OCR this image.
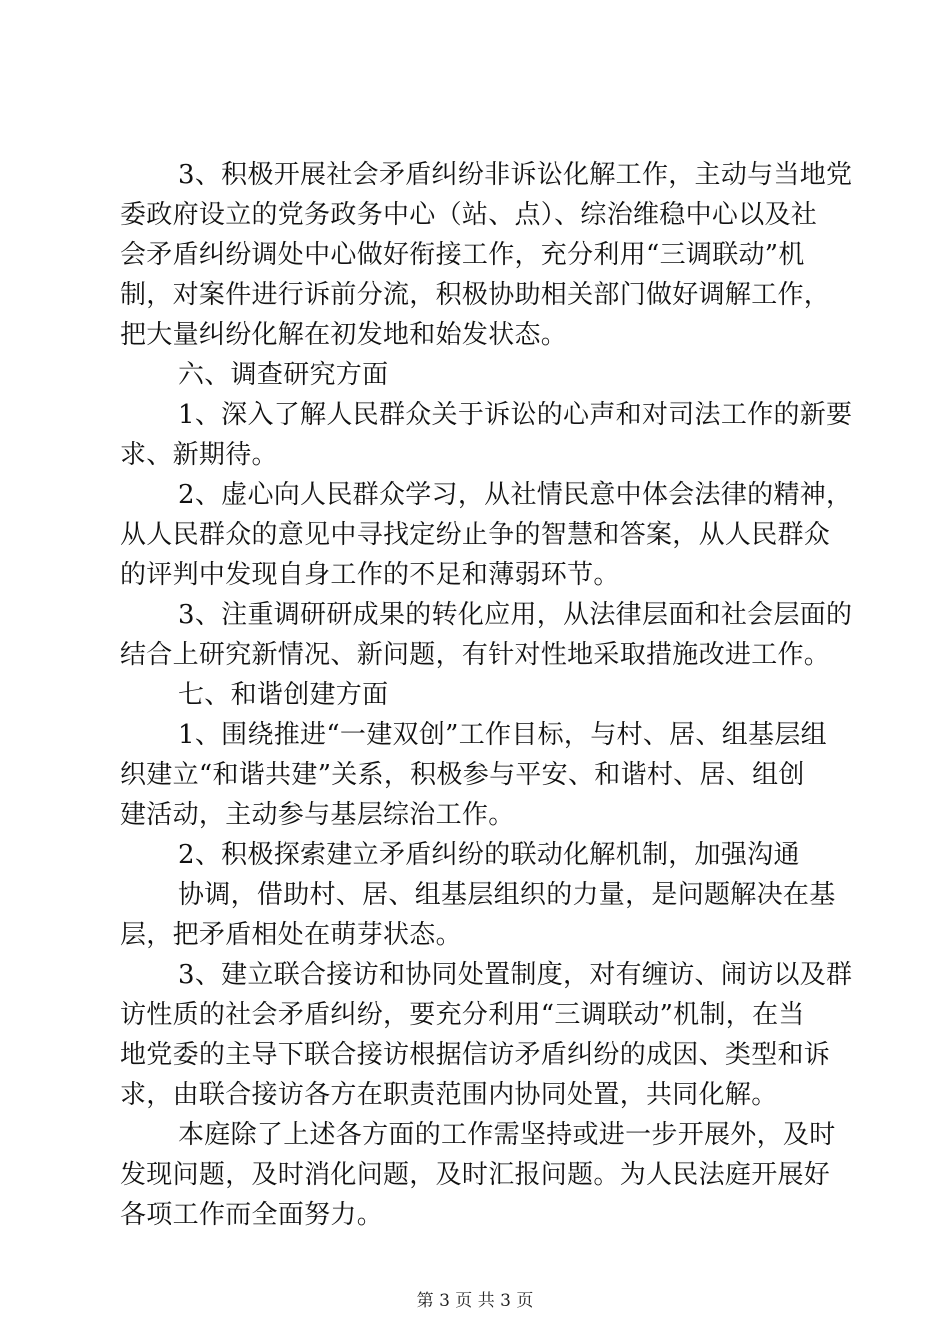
3、积极开展社会矛盾纠纷非诉讼化解工作，主动与当地党
委政府设立的党务政务中心（站、点）、综治维稳中心以及社
会矛盾纠纷调处中心做好衔接工作，充分利用“三调联动”机
制，对案件进行诉前分流，积极协助相关部门做好调解工作，
把大量纠纷化解在初发地和始发状态。
六、调查研究方面
1、深入了解人民群众关于诉讼的心声和对司法工作的新要
求、新期待。
2、虚心向人民群众学习，从社情民意中体会法律的精神，
从人民群众的意见中寻找定纷止争的智慧和答案，从人民群众
的评判中发现自身工作的不足和薄弱环节。
3、注重调研研成果的转化应用，从法律层面和社会层面的
结合上研究新情况、新问题，有针对性地采取措施改进工作。
七、和谐创建方面
1、围绕推进“一建双创”工作目标，与村、居、组基层组
织建立“和谐共建”关系，积极参与平安、和谐村、居、组创
建活动，主动参与基层综治工作。
2、积极探索建立矛盾纠纷的联动化解机制，加强沟通
协调，借助村、居、组基层组织的力量，是问题解决在基
层，把矛盾相处在萌芽状态。
3、建立联合接访和协同处置制度，对有缠访、闹访以及群
访性质的社会矛盾纠纷，要充分利用“三调联动”机制，在当
地党委的主导下联合接访根据信访矛盾纠纷的成因、类型和诉
求，由联合接访各方在职责范围内协同处置，共同化解。
本庭除了上述各方面的工作需坚持或进一步开展外，及时
发现问题，及时消化问题，及时汇报问题。为人民法庭开展好
各项工作而全面努力。
第 3 页 共 3 页
